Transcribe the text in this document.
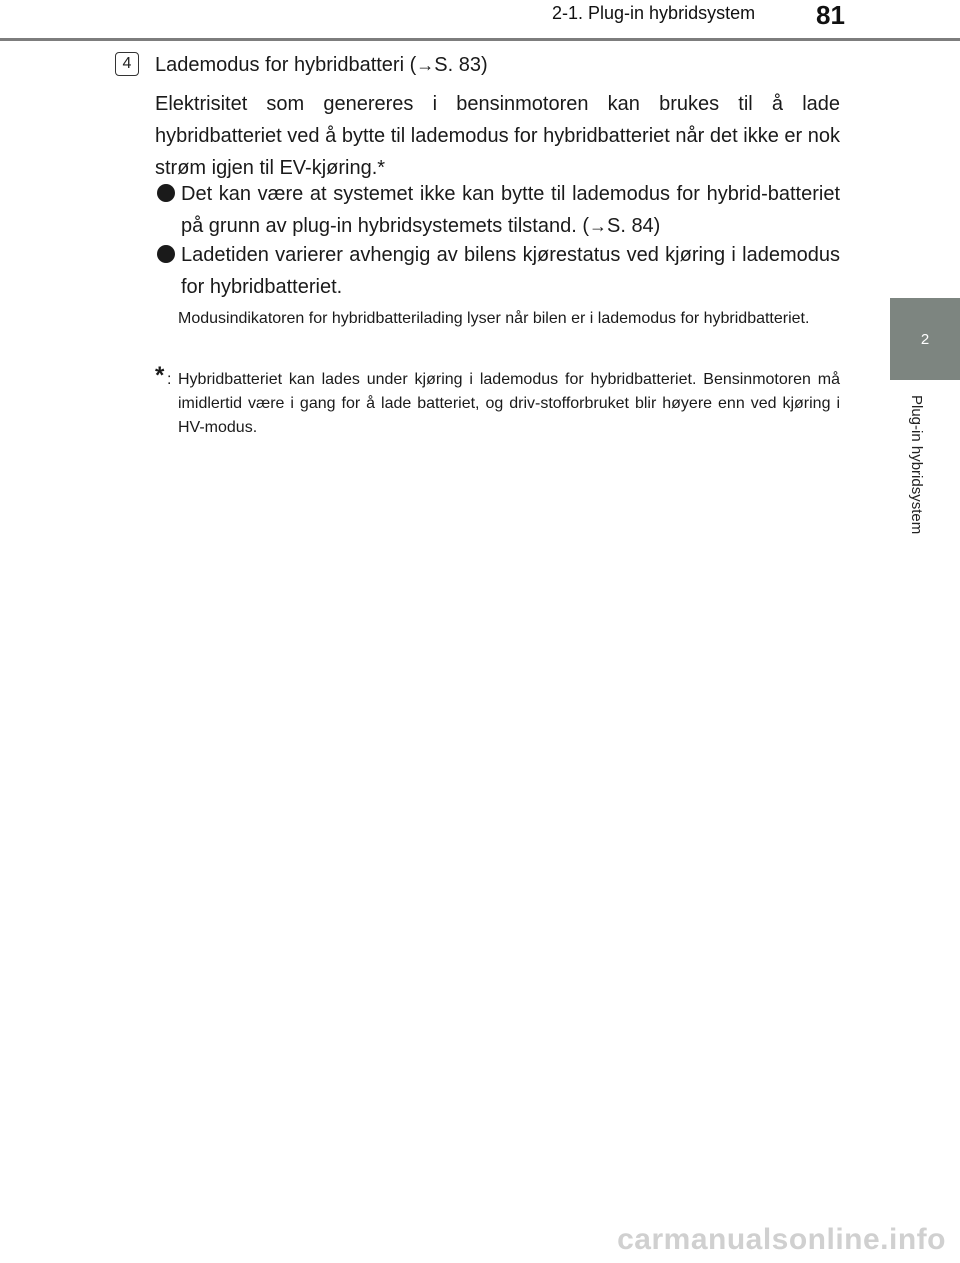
2-1. Plug-in hybridsystem 81
2
Plug-in hybridsystem
4	Lademodus for hybridbatteri (→S. 83)
Elektrisitet som genereres i bensinmotoren kan brukes til å lade hybridbatteriet ved å bytte til lademodus for hybridbatteriet når det ikke er nok strøm igjen til EV-kjøring.*
Det kan være at systemet ikke kan bytte til lademodus for hybrid-batteriet på grunn av plug-in hybridsystemets tilstand. (→S. 84)
Ladetiden varierer avhengig av bilens kjørestatus ved kjøring i lademodus for hybridbatteriet.
Modusindikatoren for hybridbatterilading lyser når bilen er i lademodus for hybridbatteriet.
* : Hybridbatteriet kan lades under kjøring i lademodus for hybridbatteriet. Bensinmotoren må imidlertid være i gang for å lade batteriet, og driv-stofforbruket blir høyere enn ved kjøring i HV-modus.
carmanualsonline.info
